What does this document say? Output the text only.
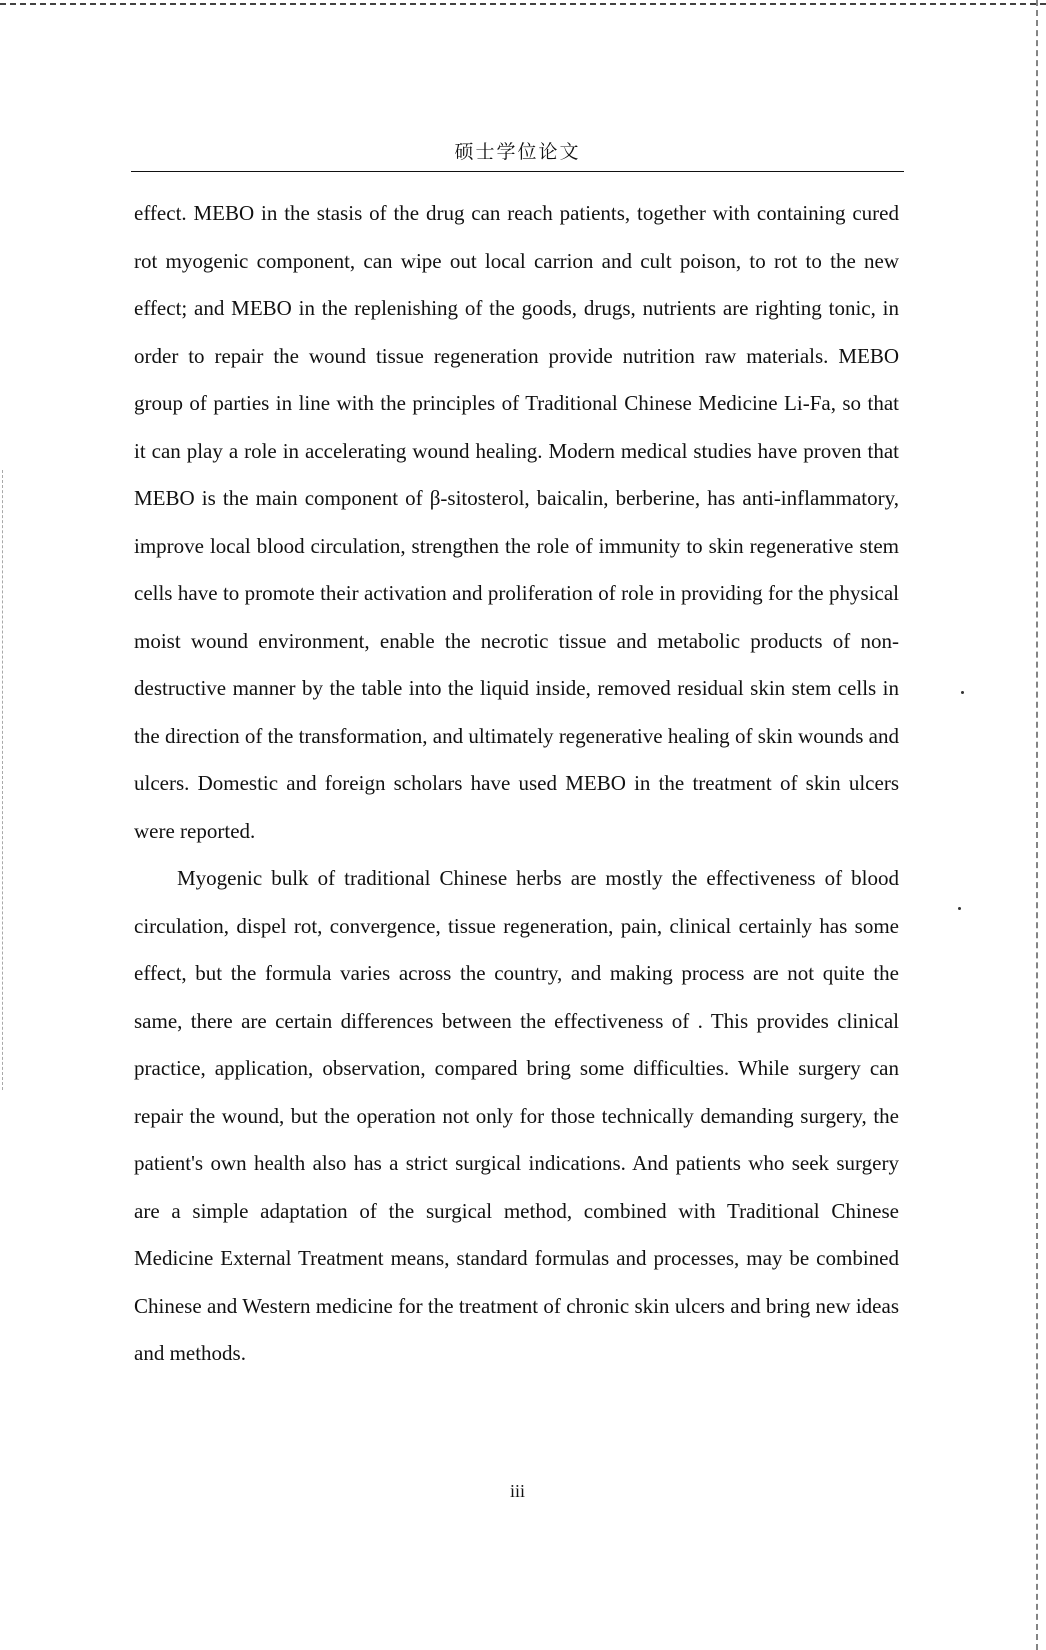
硕士学位论文

effect. MEBO in the stasis of the drug can reach patients, together with containing cured rot myogenic component, can wipe out local carrion and cult poison, to rot to the new effect; and MEBO in the replenishing of the goods, drugs, nutrients are righting tonic, in order to repair the wound tissue regeneration provide nutrition raw materials. MEBO group of parties in line with the principles of Traditional Chinese Medicine Li-Fa, so that it can play a role in accelerating wound healing. Modern medical studies have proven that MEBO is the main component of β-sitosterol, baicalin, berberine, has anti-inflammatory, improve local blood circulation, strengthen the role of immunity to skin regenerative stem cells have to promote their activation and proliferation of role in providing for the physical moist wound environment, enable the necrotic tissue and metabolic products of non-destructive manner by the table into the liquid inside, removed residual skin stem cells in the direction of the transformation, and ultimately regenerative healing of skin wounds and ulcers. Domestic and foreign scholars have used MEBO in the treatment of skin ulcers were reported.

Myogenic bulk of traditional Chinese herbs are mostly the effectiveness of blood circulation, dispel rot, convergence, tissue regeneration, pain, clinical certainly has some effect, but the formula varies across the country, and making process are not quite the same, there are certain differences between the effectiveness of . This provides clinical practice, application, observation, compared bring some difficulties. While surgery can repair the wound, but the operation not only for those technically demanding surgery, the patient's own health also has a strict surgical indications. And patients who seek surgery are a simple adaptation of the surgical method, combined with Traditional Chinese Medicine External Treatment means, standard formulas and processes, may be combined Chinese and Western medicine for the treatment of chronic skin ulcers and bring new ideas and methods.

iii
